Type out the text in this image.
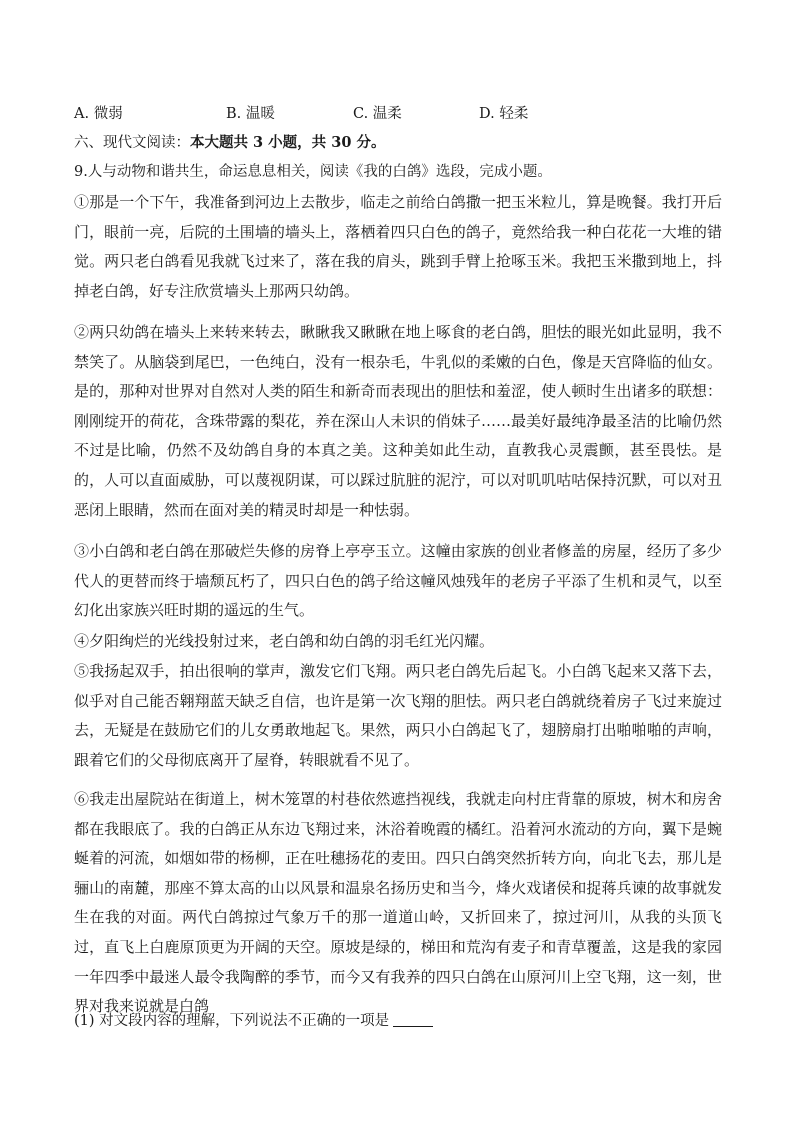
A. 微弱	B. 温暖	C. 温柔	D. 轻柔
六、现代文阅读：本大题共 3 小题，共 30 分。
9.人与动物和谐共生，命运息息相关，阅读《我的白鸽》选段，完成小题。

①那是一个下午，我准备到河边上去散步，临走之前给白鸽撒一把玉米粒儿，算是晚餐。我打开后门，眼前一亮，后院的土围墙的墙头上，落栖着四只白色的鸽子，竟然给我一种白花花一大堆的错觉。两只老白鸽看见我就飞过来了，落在我的肩头，跳到手臂上抢啄玉米。我把玉米撒到地上，抖掉老白鸽，好专注欣赏墙头上那两只幼鸽。

②两只幼鸽在墙头上来转来转去，瞅瞅我又瞅瞅在地上啄食的老白鸽，胆怯的眼光如此显明，我不禁笑了。从脑袋到尾巴，一色纯白，没有一根杂毛，牛乳似的柔嫩的白色，像是天宫降临的仙女。是的，那种对世界对自然对人类的陌生和新奇而表现出的胆怯和羞涩，使人顿时生出诸多的联想：刚刚绽开的荷花，含珠带露的梨花，养在深山人未识的俏妹子……最美好最纯净最圣洁的比喻仍然不过是比喻，仍然不及幼鸽自身的本真之美。这种美如此生动，直教我心灵震颤，甚至畏怯。是的，人可以直面威胁，可以蔑视阴谋，可以踩过肮脏的泥泞，可以对叽叽咕咕保持沉默，可以对丑恶闭上眼睛，然而在面对美的精灵时却是一种怯弱。

③小白鸽和老白鸽在那破烂失修的房脊上亭亭玉立。这幢由家族的创业者修盖的房屋，经历了多少代人的更替而终于墙颓瓦朽了，四只白色的鸽子给这幢风烛残年的老房子平添了生机和灵气，以至幻化出家族兴旺时期的遥远的生气。

④夕阳绚烂的光线投射过来，老白鸽和幼白鸽的羽毛红光闪耀。

⑤我扬起双手，拍出很响的掌声，激发它们飞翔。两只老白鸽先后起飞。小白鸽飞起来又落下去，似乎对自己能否翱翔蓝天缺乏自信，也许是第一次飞翔的胆怯。两只老白鸽就绕着房子飞过来旋过去，无疑是在鼓励它们的儿女勇敢地起飞。果然，两只小白鸽起飞了，翅膀扇打出啪啪啪的声响，跟着它们的父母彻底离开了屋脊，转眼就看不见了。

⑥我走出屋院站在街道上，树木笼罩的村巷依然遮挡视线，我就走向村庄背靠的原坡，树木和房舍都在我眼底了。我的白鸽正从东边飞翔过来，沐浴着晚霞的橘红。沿着河水流动的方向，翼下是蜿蜒着的河流，如烟如带的杨柳，正在吐穗扬花的麦田。四只白鸽突然折转方向，向北飞去，那儿是骊山的南麓，那座不算太高的山以风景和温泉名扬历史和当今，烽火戏诸侯和捉蒋兵谏的故事就发生在我的对面。两代白鸽掠过气象万千的那一道道山岭，又折回来了，掠过河川，从我的头顶飞过，直飞上白鹿原顶更为开阔的天空。原坡是绿的，梯田和荒沟有麦子和青草覆盖，这是我的家园一年四季中最迷人最令我陶醉的季节，而今又有我养的四只白鸽在山原河川上空飞翔，这一刻，世界对我来说就是白鸽

(1) 对文段内容的理解，下列说法不正确的一项是
